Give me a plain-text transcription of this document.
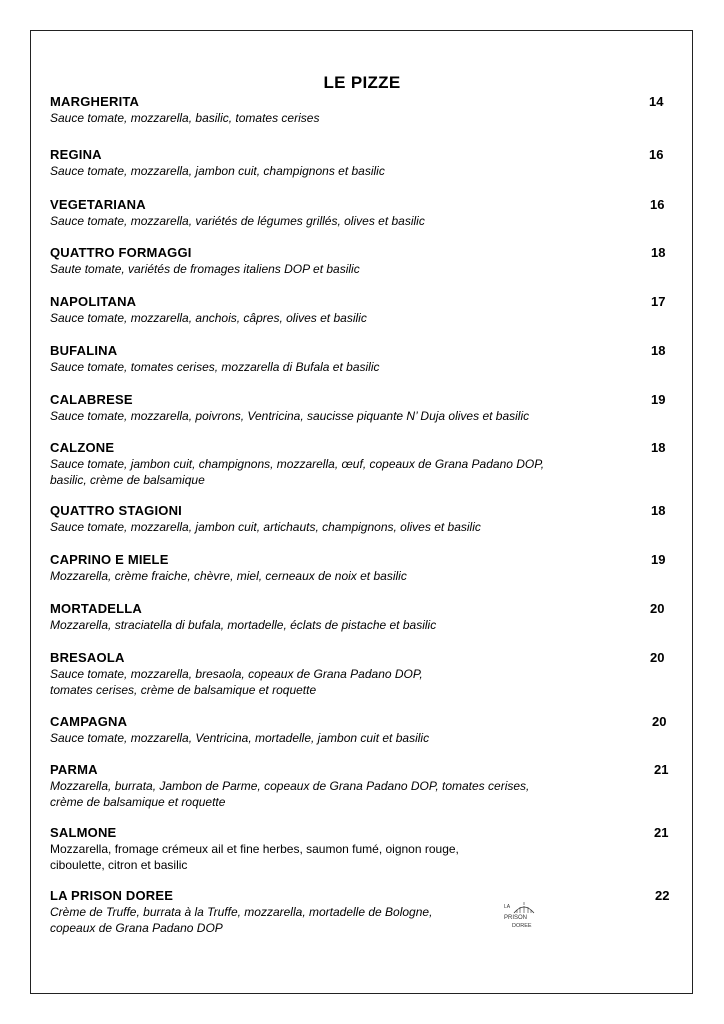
LE PIZZE
MARGHERITA
Sauce tomate, mozzarella, basilic, tomates cerises
14
REGINA
Sauce tomate, mozzarella, jambon cuit, champignons et basilic
16
VEGETARIANA
Sauce tomate, mozzarella, variétés de légumes grillés, olives et basilic
16
QUATTRO FORMAGGI
Saute tomate, variétés de fromages italiens DOP et basilic
18
NAPOLITANA
Sauce tomate, mozzarella, anchois, câpres, olives et basilic
17
BUFALINA
Sauce tomate, tomates cerises, mozzarella di Bufala et basilic
18
CALABRESE
Sauce tomate, mozzarella, poivrons, Ventricina, saucisse piquante N’ Duja olives et basilic
19
CALZONE
Sauce tomate, jambon cuit, champignons, mozzarella, œuf, copeaux de Grana Padano DOP,
basilic, crème de balsamique
18
QUATTRO STAGIONI
Sauce tomate, mozzarella, jambon cuit, artichauts, champignons, olives et basilic
18
CAPRINO E MIELE
Mozzarella, crème fraiche, chèvre, miel, cerneaux de noix et basilic
19
MORTADELLA
Mozzarella, straciatella di bufala, mortadelle, éclats de pistache et basilic
20
BRESAOLA
Sauce tomate, mozzarella, bresaola, copeaux de Grana Padano DOP,
tomates cerises, crème de balsamique et roquette
20
CAMPAGNA
Sauce tomate, mozzarella, Ventricina, mortadelle, jambon cuit et basilic
20
PARMA
Mozzarella, burrata, Jambon de Parme, copeaux de Grana Padano DOP, tomates cerises,
crème de balsamique et roquette
21
SALMONE
Mozzarella, fromage crémeux ail et fine herbes, saumon fumé, oignon rouge,
ciboulette, citron et basilic
21
LA PRISON DOREE
Crème de Truffe, burrata à la Truffe, mozzarella, mortadelle de Bologne,
copeaux de Grana Padano DOP
22
LA
PRISON
DOREE
